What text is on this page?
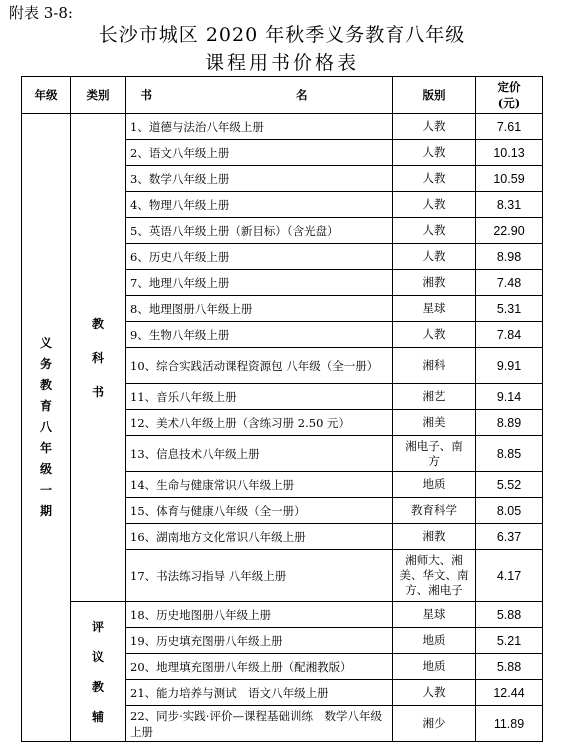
附表 3-8:
长沙市城区 2020 年秋季义务教育八年级
课程用书价格表
年级	类别	书 名	版别	定价(元)
义务教育八年级一期	教科书	1、道德与法治八年级上册	人教	7.61
		2、语文八年级上册	人教	10.13
		3、数学八年级上册	人教	10.59
		4、物理八年级上册	人教	8.31
		5、英语八年级上册（新目标）（含光盘）	人教	22.90
		6、历史八年级上册	人教	8.98
		7、地理八年级上册	湘教	7.48
		8、地理图册八年级上册	星球	5.31
		9、生物八年级上册	人教	7.84
		10、综合实践活动课程资源包 八年级（全一册）	湘科	9.91
		11、音乐八年级上册	湘艺	9.14
		12、美术八年级上册（含练习册 2.50 元）	湘美	8.89
		13、信息技术八年级上册	湘电子、南方	8.85
		14、生命与健康常识八年级上册	地质	5.52
		15、体育与健康八年级（全一册）	教育科学	8.05
		16、湖南地方文化常识八年级上册	湘教	6.37
		17、书法练习指导 八年级上册	湘师大、湘美、华文、南方、湘电子	4.17
	评议教辅	18、历史地图册八年级上册	星球	5.88
		19、历史填充图册八年级上册	地质	5.21
		20、地理填充图册八年级上册（配湘教版）	地质	5.88
		21、能力培养与测试　语文八年级上册	人教	12.44
		22、同步·实践·评价—课程基础训练　数学八年级上册	湘少	11.89
